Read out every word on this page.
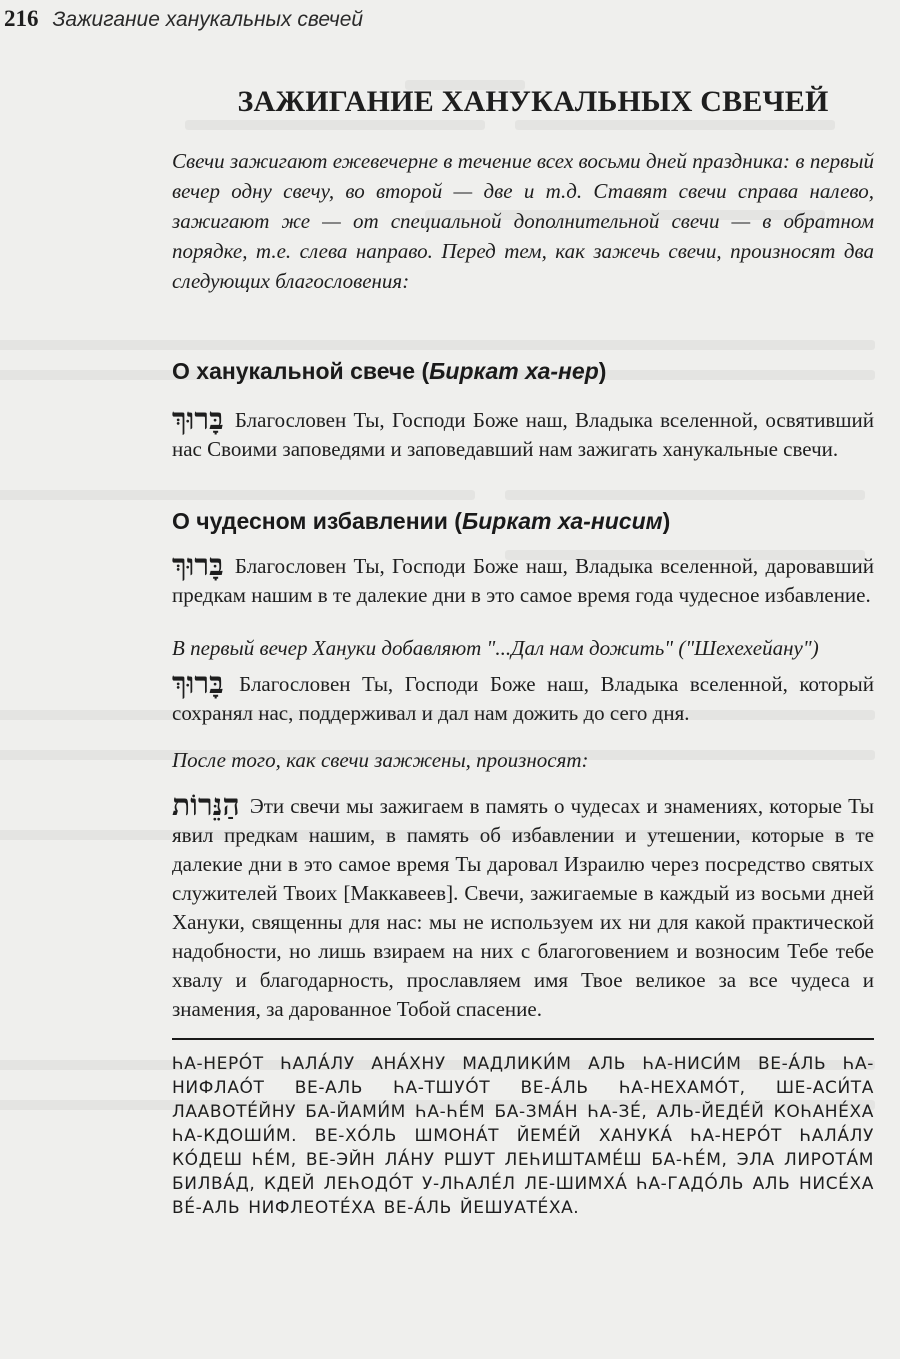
216 Зажигание ханукальных свечей
ЗАЖИГАНИЕ ХАНУКАЛЬНЫХ СВЕЧЕЙ

Свечи зажигают ежевечерне в течение всех восьми дней праздника: в первый вечер одну свечу, во второй — две и т.д. Ставят свечи справа налево, зажигают же — от специальной дополнительной свечи — в обратном порядке, т.е. слева направо. Перед тем, как зажечь свечи, произносят два следующих благословения:

О ханукальной свече (Биркат ха-нер)

בָּרוּךְ Благословен Ты, Господи Боже наш, Владыка вселенной, освятивший нас Своими заповедями и заповедавший нам зажигать ханукальные свечи.

О чудесном избавлении (Биркат ха-нисим)

בָּרוּךְ Благословен Ты, Господи Боже наш, Владыка вселенной, даровавший предкам нашим в те далекие дни в это самое время года чудесное избавление.

В первый вечер Хануки добавляют "...Дал нам дожить" ("Шехехейану")

בָּרוּךְ Благословен Ты, Господи Боже наш, Владыка вселенной, который сохранял нас, поддерживал и дал нам дожить до сего дня.

После того, как свечи зажжены, произносят:

הַנֵּרוֹת Эти свечи мы зажигаем в память о чудесах и знамениях, которые Ты явил предкам нашим, в память об избавлении и утешении, которые в те далекие дни в это самое время Ты даровал Израилю через посредство святых служителей Твоих [Маккавеев]. Свечи, зажигаемые в каждый из восьми дней Хануки, священны для нас: мы не используем их ни для какой практической надобности, но лишь взираем на них с благоговением и возносим Тебе тебе хвалу и благодарность, прославляем имя Твое великое за все чудеса и знамения, за дарованное Тобой спасение.

ҺА-НЕРО́Т ҺАЛА́ЛУ АНА́ХНУ МАДЛИКИ́М АЛЬ ҺА-НИСИ́М ВЕ-А́ЛЬ ҺА-НИФЛАО́Т ВЕ-АЛЬ ҺА-ТШУО́Т ВЕ-А́ЛЬ ҺА-НЕХАМО́Т, ШЕ-АСИ́ТА ЛААВОТЕ́ЙНУ БА-ЙАМИ́М ҺА-ҺЕ́М БА-ЗМА́Н ҺА-ЗЕ́, АЛЬ-ЙЕДЕ́Й КОҺАНЕ́ХА ҺА-КДОШИ́М. ВЕ-ХО́ЛЬ ШМОНА́Т ЙЕМЕ́Й ХАНУКА́ ҺА-НЕРО́Т ҺАЛА́ЛУ КО́ДЕШ ҺЕ́М, ВЕ-ЭЙН ЛА́НУ РШУТ ЛЕҺИШТАМЕ́Ш БА-ҺЕ́М, ЭЛА ЛИРОТА́М БИЛВА́Д, КДЕЙ ЛЕҺОДО́Т У-ЛҺАЛЕ́Л ЛЕ-ШИМХА́ ҺА-ГАДО́ЛЬ АЛЬ НИСЕ́ХА ВЕ́-АЛЬ НИФЛЕОТЕ́ХА ВЕ-А́ЛЬ ЙЕШУАТЕ́ХА.
